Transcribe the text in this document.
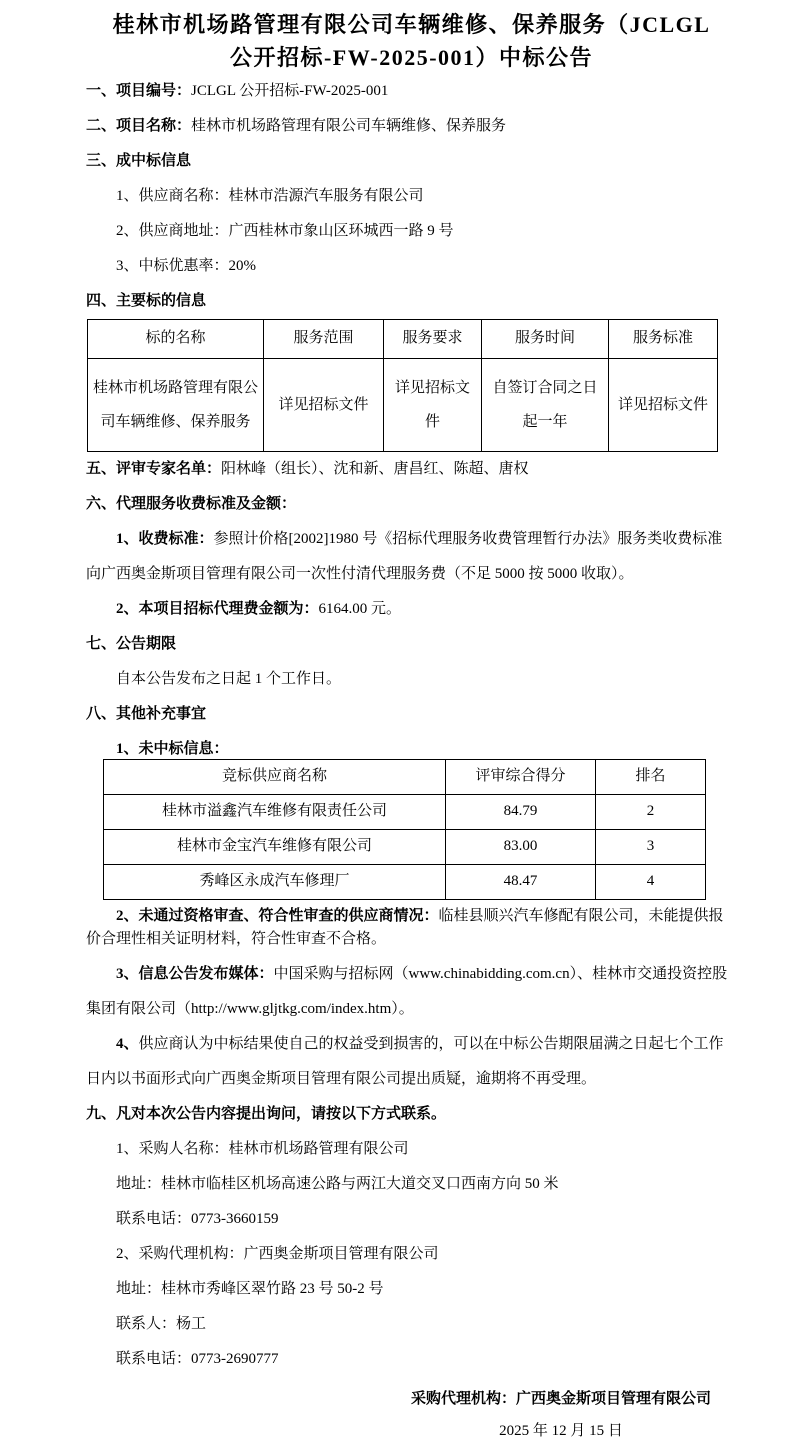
桂林市机场路管理有限公司车辆维修、保养服务（JCLGL
公开招标-FW-2025-001）中标公告

一、项目编号：JCLGL 公开招标-FW-2025-001

二、项目名称：桂林市机场路管理有限公司车辆维修、保养服务

三、成中标信息

1、供应商名称：桂林市浩源汽车服务有限公司

2、供应商地址：广西桂林市象山区环城西一路 9 号

3、中标优惠率：20%

四、主要标的信息

标的名称	服务范围	服务要求	服务时间	服务标准
桂林市机场路管理有限公司车辆维修、保养服务	详见招标文件	详见招标文件	自签订合同之日起一年	详见招标文件

五、评审专家名单：阳林峰（组长）、沈和新、唐昌红、陈超、唐权

六、代理服务收费标准及金额：

1、收费标准：参照计价格[2002]1980 号《招标代理服务收费管理暂行办法》服务类收费标准向广西奥金斯项目管理有限公司一次性付清代理服务费（不足 5000 按 5000 收取）。

2、本项目招标代理费金额为：6164.00 元。

七、公告期限

自本公告发布之日起 1 个工作日。

八、其他补充事宜

1、未中标信息：

竞标供应商名称	评审综合得分	排名
桂林市溢鑫汽车维修有限责任公司	84.79	2
桂林市金宝汽车维修有限公司	83.00	3
秀峰区永成汽车修理厂	48.47	4

2、未通过资格审查、符合性审查的供应商情况：临桂县顺兴汽车修配有限公司，未能提供报价合理性相关证明材料，符合性审查不合格。

3、信息公告发布媒体：中国采购与招标网（www.chinabidding.com.cn）、桂林市交通投资控股集团有限公司（http://www.gljtkg.com/index.htm）。

4、供应商认为中标结果使自己的权益受到损害的，可以在中标公告期限届满之日起七个工作日内以书面形式向广西奥金斯项目管理有限公司提出质疑，逾期将不再受理。

九、凡对本次公告内容提出询问，请按以下方式联系。

1、采购人名称：桂林市机场路管理有限公司

地址：桂林市临桂区机场高速公路与两江大道交叉口西南方向 50 米

联系电话：0773-3660159

2、采购代理机构：广西奥金斯项目管理有限公司

地址：桂林市秀峰区翠竹路 23 号 50-2 号

联系人：杨工

联系电话：0773-2690777

采购代理机构：广西奥金斯项目管理有限公司
2025 年 12 月 15 日
